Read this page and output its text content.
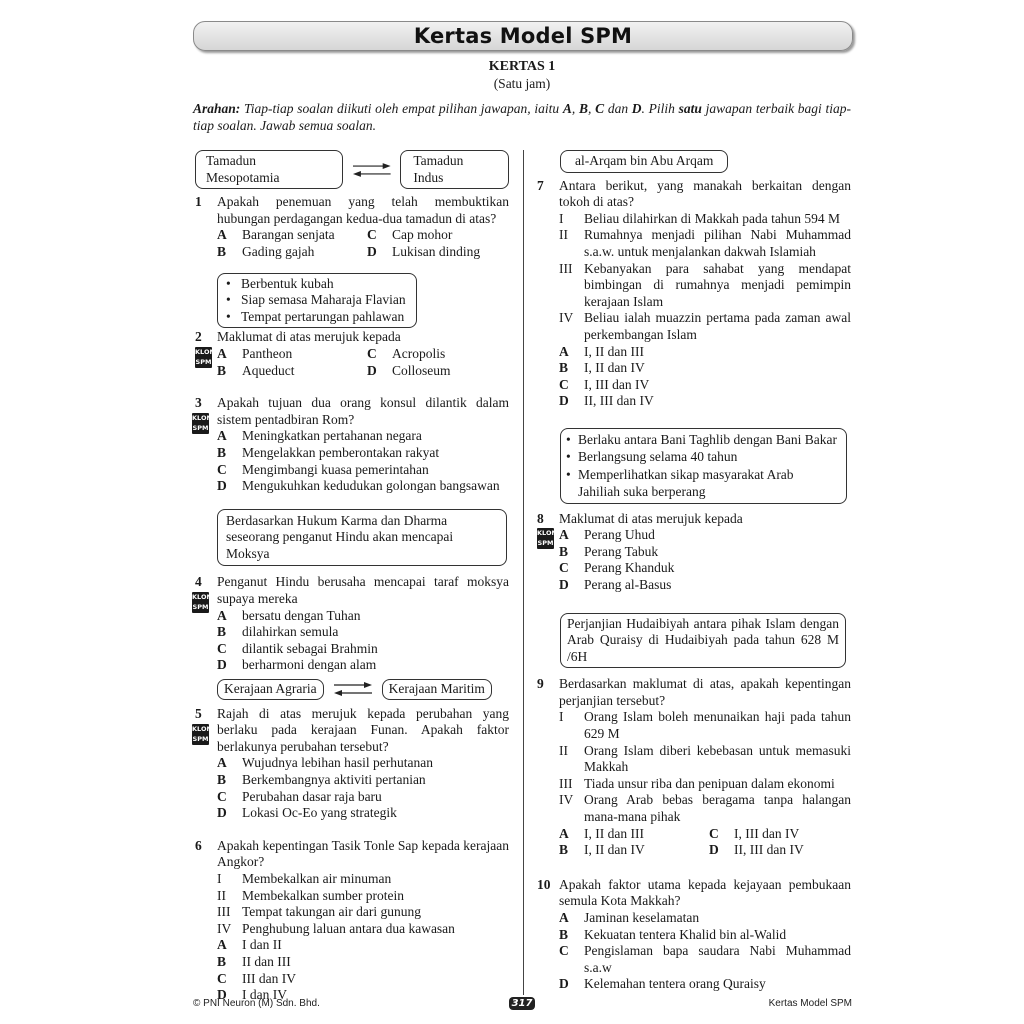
Kertas Model SPM
KERTAS 1
(Satu jam)
Arahan: Tiap-tiap soalan diikuti oleh empat pilihan jawapan, iaitu A, B, C dan D. Pilih satu jawapan terbaik bagi tiap-tiap soalan. Jawab semua soalan.
Tamadun Mesopotamia
Tamadun Indus
1 Apakah penemuan yang telah membuktikan hubungan perdagangan kedua-dua tamadun di atas?
A	Barangan senjata C	Cap mohor
B	Gading gajah	D	Lukisan dinding
• Berbentuk kubah
• Siap semasa Maharaja Flavian
• Tempat pertarungan pahlawan
2 Maklumat di atas merujuk kepada
KLON
SPM
A	Pantheon	C	Acropolis
B	Aqueduct	D	Colloseum
3
KLON
SPM
Apakah tujuan dua orang konsul dilantik dalam sistem pentadbiran Rom?
A	Meningkatkan pertahanan negara
B	Mengelakkan pemberontakan rakyat
C	Mengimbangi kuasa pemerintahan
D	Mengukuhkan kedudukan golongan bangsawan
Berdasarkan Hukum Karma dan Dharma seseorang penganut Hindu akan mencapai Moksya
4
KLON
SPM
Penganut Hindu berusaha mencapai taraf moksya supaya mereka
A	bersatu dengan Tuhan
B	dilahirkan semula
C	dilantik sebagai Brahmin
D	berharmoni dengan alam
Kerajaan Agraria	Kerajaan Maritim
5
KLON
SPM
Rajah di atas merujuk kepada perubahan yang berlaku pada kerajaan Funan. Apakah faktor berlakunya perubahan tersebut?
A	Wujudnya lebihan hasil perhutanan
B	Berkembangnya aktiviti pertanian
C	Perubahan dasar raja baru
D	Lokasi Oc-Eo yang strategik
6 Apakah kepentingan Tasik Tonle Sap kepada kerajaan Angkor?
I	Membekalkan air minuman
II	Membekalkan sumber protein
III Tempat takungan air dari gunung
IV Penghubung laluan antara dua kawasan
A	I dan II
B	II dan III
C	III dan IV
D	I dan IV
al-Arqam bin Abu Arqam
7 Antara berikut, yang manakah berkaitan dengan tokoh di atas?
I	Beliau dilahirkan di Makkah pada tahun 594 M
II	Rumahnya menjadi pilihan Nabi Muhammad s.a.w. untuk menjalankan dakwah Islamiah
III Kebanyakan para sahabat yang mendapat bimbingan di rumahnya menjadi pemimpin kerajaan Islam
IV Beliau ialah muazzin pertama pada zaman awal perkembangan Islam
A	I, II dan III
B	I, II dan IV
C	I, III dan IV
D	II, III dan IV
• Berlaku antara Bani Taghlib dengan Bani Bakar
• Berlangsung selama 40 tahun
• Memperlihatkan sikap masyarakat Arab Jahiliah suka berperang
8 Maklumat di atas merujuk kepada
KLON
SPM
A	Perang Uhud
B	Perang Tabuk
C	Perang Khanduk
D	Perang al-Basus
Perjanjian Hudaibiyah antara pihak Islam dengan Arab Quraisy di Hudaibiyah pada tahun 628 M /6H
9 Berdasarkan maklumat di atas, apakah kepentingan perjanjian tersebut?
I	Orang Islam boleh menunaikan haji pada tahun 629 M
II	Orang Islam diberi kebebasan untuk memasuki Makkah
III Tiada unsur riba dan penipuan dalam ekonomi
IV Orang Arab bebas beragama tanpa halangan mana-mana pihak
A	I, II dan III	C	I, III dan IV
B	I, II dan IV	D	II, III dan IV
10 Apakah faktor utama kepada kejayaan pembukaan semula Kota Makkah?
A	Jaminan keselamatan
B	Kekuatan tentera Khalid bin al-Walid
C	Pengislaman bapa saudara Nabi Muhammad s.a.w
D	Kelemahan tentera orang Quraisy
© PNI Neuron (M) Sdn. Bhd.	317	Kertas Model SPM
